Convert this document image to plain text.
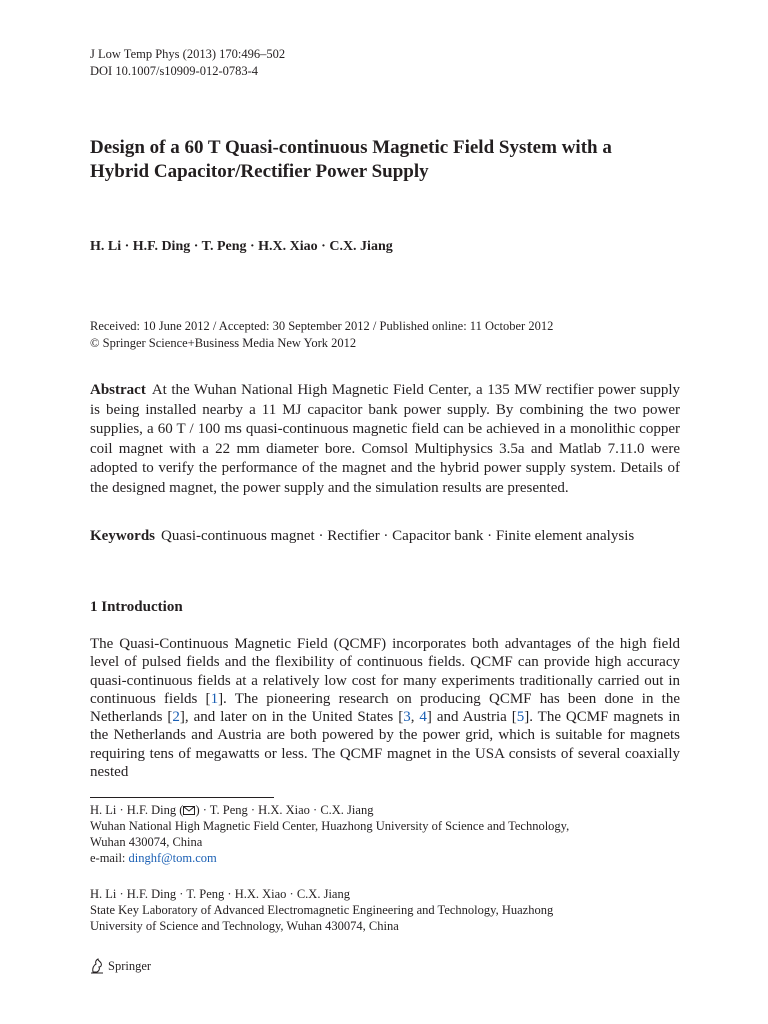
J Low Temp Phys (2013) 170:496–502
DOI 10.1007/s10909-012-0783-4
Design of a 60 T Quasi-continuous Magnetic Field System with a Hybrid Capacitor/Rectifier Power Supply
H. Li · H.F. Ding · T. Peng · H.X. Xiao · C.X. Jiang
Received: 10 June 2012 / Accepted: 30 September 2012 / Published online: 11 October 2012
© Springer Science+Business Media New York 2012

Abstract At the Wuhan National High Magnetic Field Center, a 135 MW rectifier power supply is being installed nearby a 11 MJ capacitor bank power supply. By combining the two power supplies, a 60 T / 100 ms quasi-continuous magnetic field can be achieved in a monolithic copper coil magnet with a 22 mm diameter bore. Comsol Multiphysics 3.5a and Matlab 7.11.0 were adopted to verify the performance of the magnet and the hybrid power supply system. Details of the designed magnet, the power supply and the simulation results are presented.

Keywords Quasi-continuous magnet · Rectifier · Capacitor bank · Finite element analysis

1 Introduction

The Quasi-Continuous Magnetic Field (QCMF) incorporates both advantages of the high field level of pulsed fields and the flexibility of continuous fields. QCMF can provide high accuracy quasi-continuous fields at a relatively low cost for many experiments traditionally carried out in continuous fields [1]. The pioneering research on producing QCMF has been done in the Netherlands [2], and later on in the United States [3, 4] and Austria [5]. The QCMF magnets in the Netherlands and Austria are both powered by the power grid, which is suitable for magnets requiring tens of megawatts or less. The QCMF magnet in the USA consists of several coaxially nested

H. Li · H.F. Ding ( ) · T. Peng · H.X. Xiao · C.X. Jiang
Wuhan National High Magnetic Field Center, Huazhong University of Science and Technology,
Wuhan 430074, China
e-mail: dinghf@tom.com
H. Li · H.F. Ding · T. Peng · H.X. Xiao · C.X. Jiang
State Key Laboratory of Advanced Electromagnetic Engineering and Technology, Huazhong
University of Science and Technology, Wuhan 430074, China
Springer
